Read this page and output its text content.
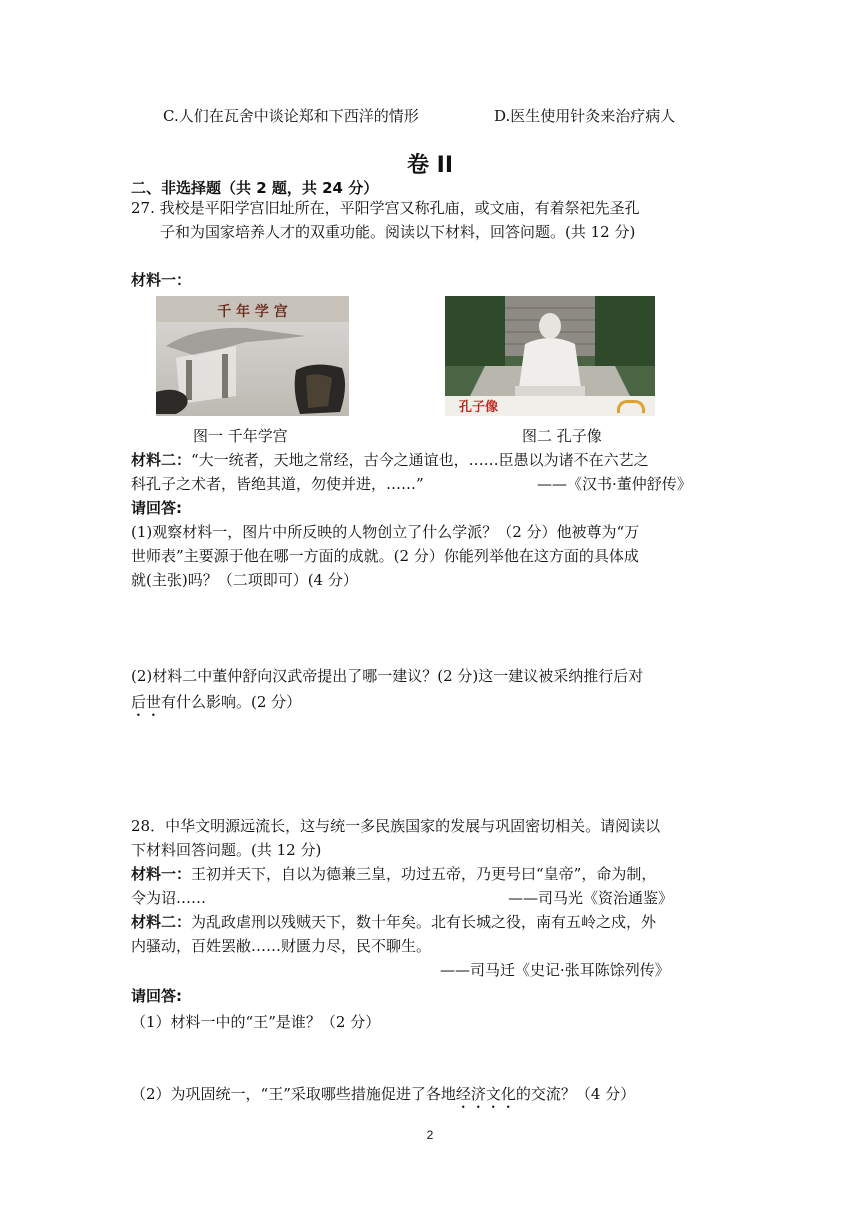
C.人们在瓦舍中谈论郑和下西洋的情形	D.医生使用针灸来治疗病人
卷 II
二、非选择题（共 2 题，共 24 分）
27. 我校是平阳学宫旧址所在，平阳学宫又称孔庙，或文庙，有着祭祀先圣孔
子和为国家培养人才的双重功能。阅读以下材料，回答问题。(共 12 分)
材料一：
千 年 学 宫
孔子像
图一 千年学宫	图二 孔子像
材料二：“大一统者，天地之常经，古今之通谊也，……臣愚以为诸不在六艺之
科孔子之术者，皆绝其道，勿使并进，……”	——《汉书·董仲舒传》
请回答:
(1)观察材料一，图片中所反映的人物创立了什么学派？（2 分）他被尊为“万
世师表”主要源于他在哪一方面的成就。(2 分）你能列举他在这方面的具体成
就(主张)吗？（二项即可）(4 分）
(2)材料二中董仲舒向汉武帝提出了哪一建议？(2 分)这一建议被采纳推行后对
后世有什么影响。(2 分）
28．中华文明源远流长，这与统一多民族国家的发展与巩固密切相关。请阅读以
下材料回答问题。(共 12 分)
材料一：王初并天下，自以为德兼三皇，功过五帝，乃更号曰“皇帝”，命为制，
令为诏……	——司马光《资治通鉴》
材料二：为乱政虐刑以残贼天下，数十年矣。北有长城之役，南有五岭之戍，外
内骚动，百姓罢敝……财匮力尽，民不聊生。
——司马迁《史记·张耳陈馀列传》
请回答:
（1）材料一中的“王”是谁？（2 分）
（2）为巩固统一，“王”采取哪些措施促进了各地经济文化的交流？（4 分）
2
